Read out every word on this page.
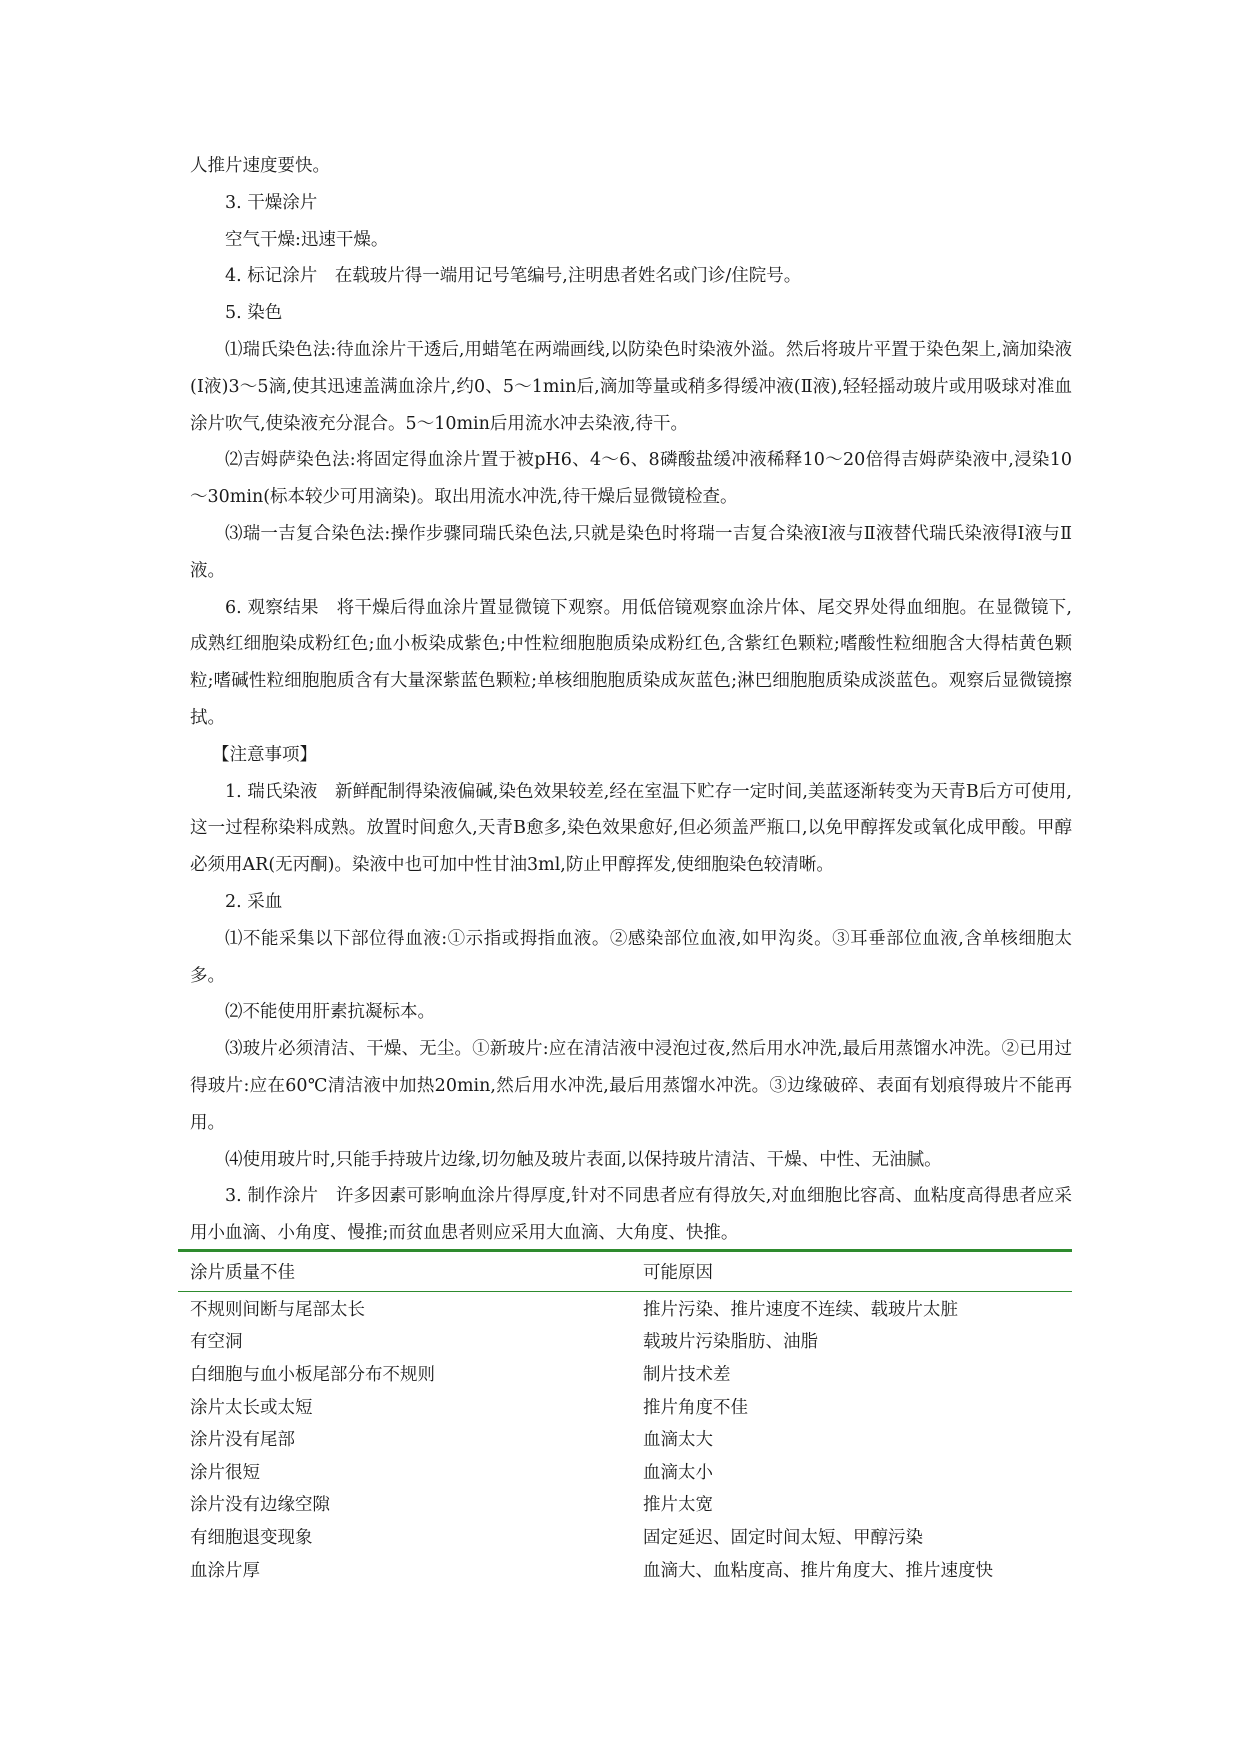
人推片速度要快。

3. 干燥涂片

空气干燥:迅速干燥。

4. 标记涂片　在载玻片得一端用记号笔编号,注明患者姓名或门诊/住院号。

5. 染色

⑴瑞氏染色法:待血涂片干透后,用蜡笔在两端画线,以防染色时染液外溢。然后将玻片平置于染色架上,滴加染液(Ⅰ液)3～5滴,使其迅速盖满血涂片,约0、5～1min后,滴加等量或稍多得缓冲液(Ⅱ液),轻轻摇动玻片或用吸球对准血涂片吹气,使染液充分混合。5～10min后用流水冲去染液,待干。

⑵吉姆萨染色法:将固定得血涂片置于被pH6、4～6、8磷酸盐缓冲液稀释10～20倍得吉姆萨染液中,浸染10～30min(标本较少可用滴染)。取出用流水冲洗,待干燥后显微镜检查。

⑶瑞一吉复合染色法:操作步骤同瑞氏染色法,只就是染色时将瑞一吉复合染液Ⅰ液与Ⅱ液替代瑞氏染液得Ⅰ液与Ⅱ液。

6. 观察结果　将干燥后得血涂片置显微镜下观察。用低倍镜观察血涂片体、尾交界处得血细胞。在显微镜下,成熟红细胞染成粉红色;血小板染成紫色;中性粒细胞胞质染成粉红色,含紫红色颗粒;嗜酸性粒细胞含大得桔黄色颗粒;嗜碱性粒细胞胞质含有大量深紫蓝色颗粒;单核细胞胞质染成灰蓝色;淋巴细胞胞质染成淡蓝色。观察后显微镜擦拭。

【注意事项】

1. 瑞氏染液　新鲜配制得染液偏碱,染色效果较差,经在室温下贮存一定时间,美蓝逐渐转变为天青B后方可使用,这一过程称染料成熟。放置时间愈久,天青B愈多,染色效果愈好,但必须盖严瓶口,以免甲醇挥发或氧化成甲酸。甲醇必须用AR(无丙酮)。染液中也可加中性甘油3ml,防止甲醇挥发,使细胞染色较清晰。

2. 采血

⑴不能采集以下部位得血液:①示指或拇指血液。②感染部位血液,如甲沟炎。③耳垂部位血液,含单核细胞太多。

⑵不能使用肝素抗凝标本。

⑶玻片必须清洁、干燥、无尘。①新玻片:应在清洁液中浸泡过夜,然后用水冲洗,最后用蒸馏水冲洗。②已用过得玻片:应在60℃清洁液中加热20min,然后用水冲洗,最后用蒸馏水冲洗。③边缘破碎、表面有划痕得玻片不能再用。

⑷使用玻片时,只能手持玻片边缘,切勿触及玻片表面,以保持玻片清洁、干燥、中性、无油腻。

3. 制作涂片　许多因素可影响血涂片得厚度,针对不同患者应有得放矢,对血细胞比容高、血粘度高得患者应采用小血滴、小角度、慢推;而贫血患者则应采用大血滴、大角度、快推。

涂片质量不佳	可能原因
不规则间断与尾部太长	推片污染、推片速度不连续、载玻片太脏
有空洞	载玻片污染脂肪、油脂
白细胞与血小板尾部分布不规则	制片技术差
涂片太长或太短	推片角度不佳
涂片没有尾部	血滴太大
涂片很短	血滴太小
涂片没有边缘空隙	推片太宽
有细胞退变现象	固定延迟、固定时间太短、甲醇污染
血涂片厚	血滴大、血粘度高、推片角度大、推片速度快
